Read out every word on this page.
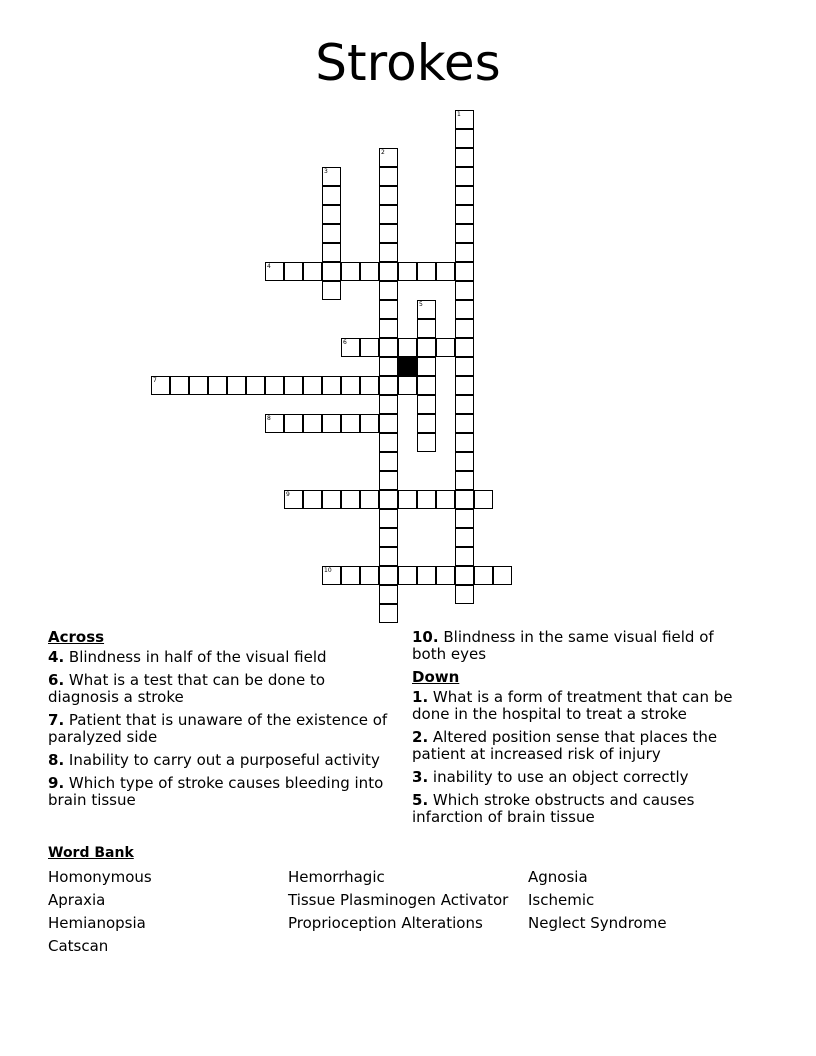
Strokes
1
2
3
4
5
6
7
8
9
10
Across
4. Blindness in half of the visual field
6. What is a test that can be done to diagnosis a stroke
7. Patient that is unaware of the existence of paralyzed side
8. Inability to carry out a purposeful activity
9. Which type of stroke causes bleeding into brain tissue
10. Blindness in the same visual field of both eyes
Down
1. What is a form of treatment that can be done in the hospital to treat a stroke
2. Altered position sense that places the patient at increased risk of injury
3. inability to use an object correctly
5. Which stroke obstructs and causes infarction of brain tissue
Word Bank
Homonymous	Hemorrhagic	Agnosia
Apraxia	Tissue Plasminogen Activator	Ischemic
Hemianopsia	Proprioception Alterations	Neglect Syndrome
Catscan
